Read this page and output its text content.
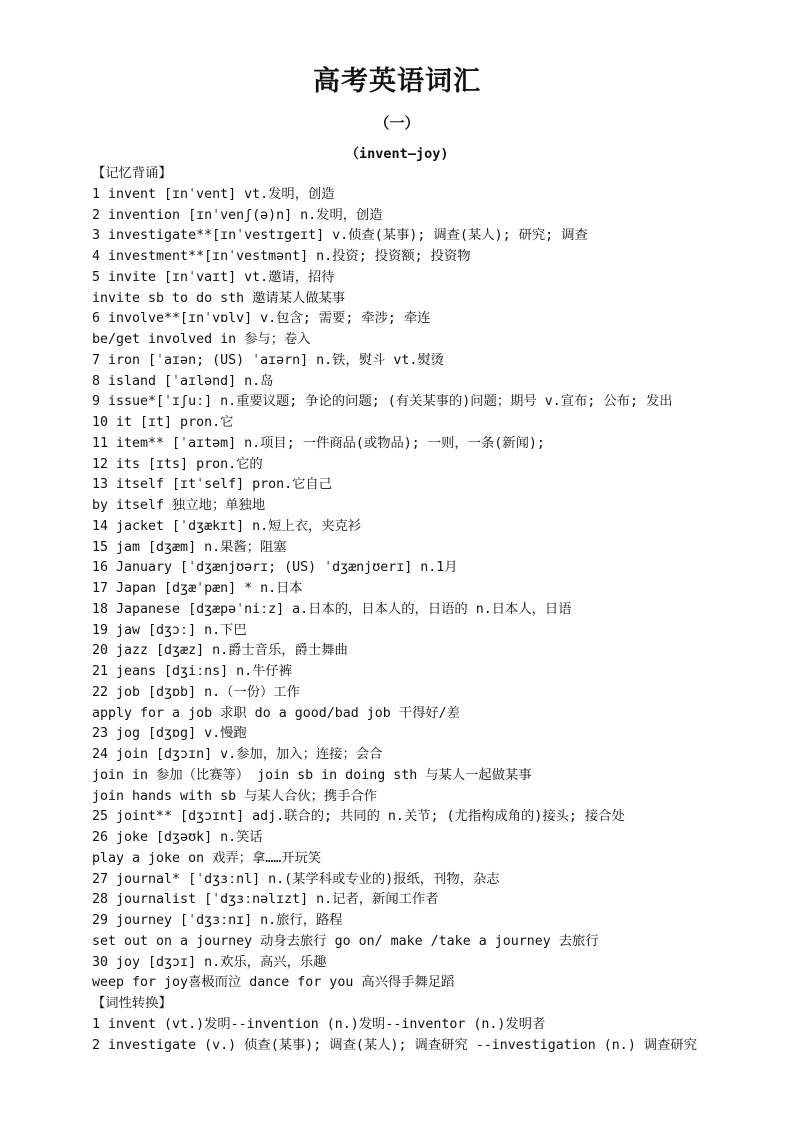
高考英语词汇
（一）
（invent—joy)
【记忆背诵】
1 invent [ɪnˈvent] vt.发明，创造
2 invention [ɪnˈvenʃ(ə)n] n.发明，创造
3 investigate**[ɪnˈvestɪgeɪt] v.侦查(某事); 调查(某人); 研究; 调查
4 investment**[ɪnˈvestmənt] n.投资; 投资额; 投资物
5 invite [ɪnˈvaɪt] vt.邀请，招待
invite sb to do sth 邀请某人做某事
6 involve**[ɪnˈvɒlv] v.包含; 需要; 牵涉; 牵连
be/get involved in 参与；卷入
7 iron [ˈaɪən; (US) ˈaɪərn] n.铁，熨斗 vt.熨烫
8 island [ˈaɪlənd] n.岛
9 issue*[ˈɪʃuː] n.重要议题; 争论的问题; (有关某事的)问题；期号 v.宣布; 公布; 发出
10 it [ɪt] pron.它
11 item** [ˈaɪtəm] n.项目; 一件商品(或物品); 一则，一条(新闻);
12 its [ɪts] pron.它的
13 itself [ɪtˈself] pron.它自己
by itself 独立地；单独地
14 jacket [ˈdʒækɪt] n.短上衣，夹克衫
15 jam [dʒæm] n.果酱；阻塞
16 January [ˈdʒænjʊərɪ; (US) ˈdʒænjʊerɪ] n.1月
17 Japan [dʒæˈpæn] * n.日本
18 Japanese [dʒæpəˈniːz] a.日本的，日本人的，日语的 n.日本人，日语
19 jaw [dʒɔː] n.下巴
20 jazz [dʒæz] n.爵士音乐，爵士舞曲
21 jeans [dʒiːns] n.牛仔裤
22 job [dʒɒb] n.（一份）工作
apply for a job 求职 do a good/bad job 干得好/差
23 jog [dʒɒg] v.慢跑
24 join [dʒɔɪn] v.参加，加入；连接；会合
join in 参加（比赛等） join sb in doing sth 与某人一起做某事
join hands with sb 与某人合伙；携手合作
25 joint** [dʒɔɪnt] adj.联合的; 共同的 n.关节; (尤指构成角的)接头; 接合处
26 joke [dʒəʊk] n.笑话
play a joke on 戏弄；拿……开玩笑
27 journal* [ˈdʒɜːnl] n.(某学科或专业的)报纸，刊物，杂志
28 journalist [ˈdʒɜːnəlɪzt] n.记者，新闻工作者
29 journey [ˈdʒɜːnɪ] n.旅行，路程
set out on a journey 动身去旅行 go on/ make /take a journey 去旅行
30 joy [dʒɔɪ] n.欢乐，高兴，乐趣
weep for joy喜极而泣 dance for you 高兴得手舞足蹈
【词性转换】
1 invent (vt.)发明--invention (n.)发明--inventor (n.)发明者
2 investigate (v.) 侦查(某事); 调查(某人); 调查研究 --investigation (n.) 调查研究
